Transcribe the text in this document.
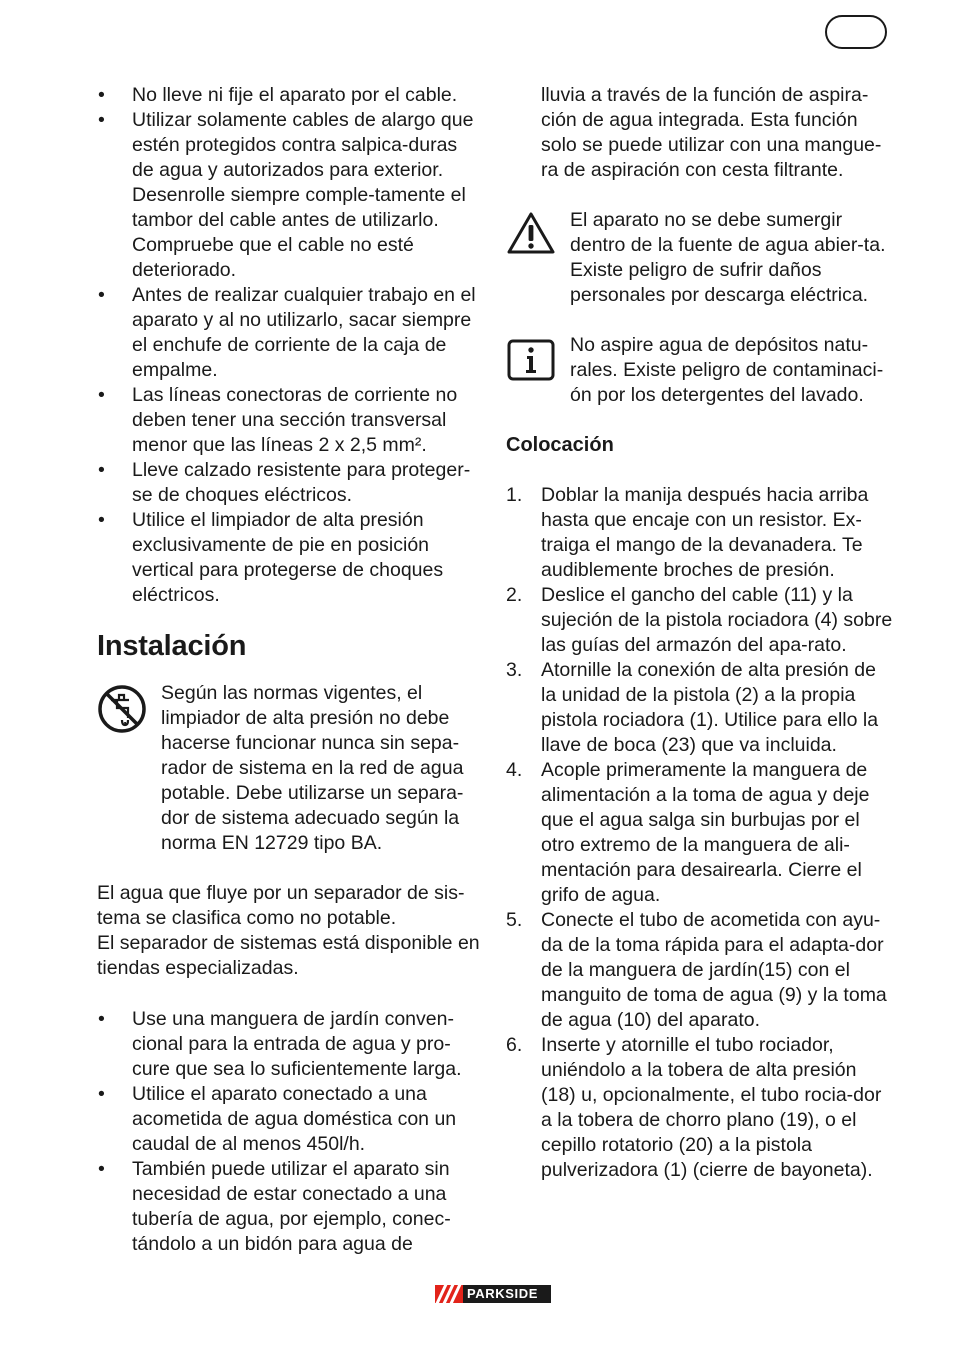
• No lleve ni fije el aparato por el cable.
• Utilizar solamente cables de alargo que estén protegidos contra salpica-duras de agua y autorizados para exterior. Desenrolle siempre comple-tamente el tambor del cable antes de utilizarlo. Compruebe que el cable no esté deteriorado.
• Antes de realizar cualquier trabajo en el aparato y al no utilizarlo, sacar siempre el enchufe de corriente de la caja de empalme.
• Las líneas conectoras de corriente no deben tener una sección transversal menor que las líneas 2 x 2,5 mm².
• Lleve calzado resistente para proteger-se de choques eléctricos.
• Utilice el limpiador de alta presión exclusivamente de pie en posición vertical para protegerse de choques eléctricos.
Instalación

Según las normas vigentes, el limpiador de alta presión no debe hacerse funcionar nunca sin sepa-rador de sistema en la red de agua potable. Debe utilizarse un separa-dor de sistema adecuado según la norma EN 12729 tipo BA.

El agua que fluye por un separador de sis-tema se clasifica como no potable.

El separador de sistemas está disponible en tiendas especializadas.

• Use una manguera de jardín conven-cional para la entrada de agua y pro-cure que sea lo suficientemente larga.
• Utilice el aparato conectado a una acometida de agua doméstica con un caudal de al menos 450l/h.
• También puede utilizar el aparato sin necesidad de estar conectado a una tubería de agua, por ejemplo, conec-tándolo a un bidón para agua de

lluvia a través de la función de aspira-ción de agua integrada. Esta función solo se puede utilizar con una mangue-ra de aspiración con cesta filtrante.

El aparato no se debe sumergir dentro de la fuente de agua abier-ta. Existe peligro de sufrir daños personales por descarga eléctrica.

No aspire agua de depósitos natu-rales. Existe peligro de contaminaci-ón por los detergentes del lavado.

Colocación
1. Doblar la manija después hacia arriba hasta que encaje con un resistor. Ex-traiga el mango de la devanadera. Te audiblemente broches de presión.
2. Deslice el gancho del cable (11) y la sujeción de la pistola rociadora (4) sobre las guías del armazón del apa-rato.
3. Atornille la conexión de alta presión de la unidad de la pistola (2) a la propia pistola rociadora (1). Utilice para ello la llave de boca (23) que va incluida.
4. Acople primeramente la manguera de alimentación a la toma de agua y deje que el agua salga sin burbujas por el otro extremo de la manguera de ali-mentación para desairearla. Cierre el grifo de agua.
5. Conecte el tubo de acometida con ayu-da de la toma rápida para el adapta-dor de la manguera de jardín(15) con el manguito de toma de agua (9) y la toma de agua (10) del aparato.
6. Inserte y atornille el tubo rociador, uniéndolo a la tobera de alta presión (18) u, opcionalmente, el tubo rocia-dor a la tobera de chorro plano (19), o el cepillo rotatorio (20) a la pistola pulverizadora (1) (cierre de bayoneta).
PARKSIDE
